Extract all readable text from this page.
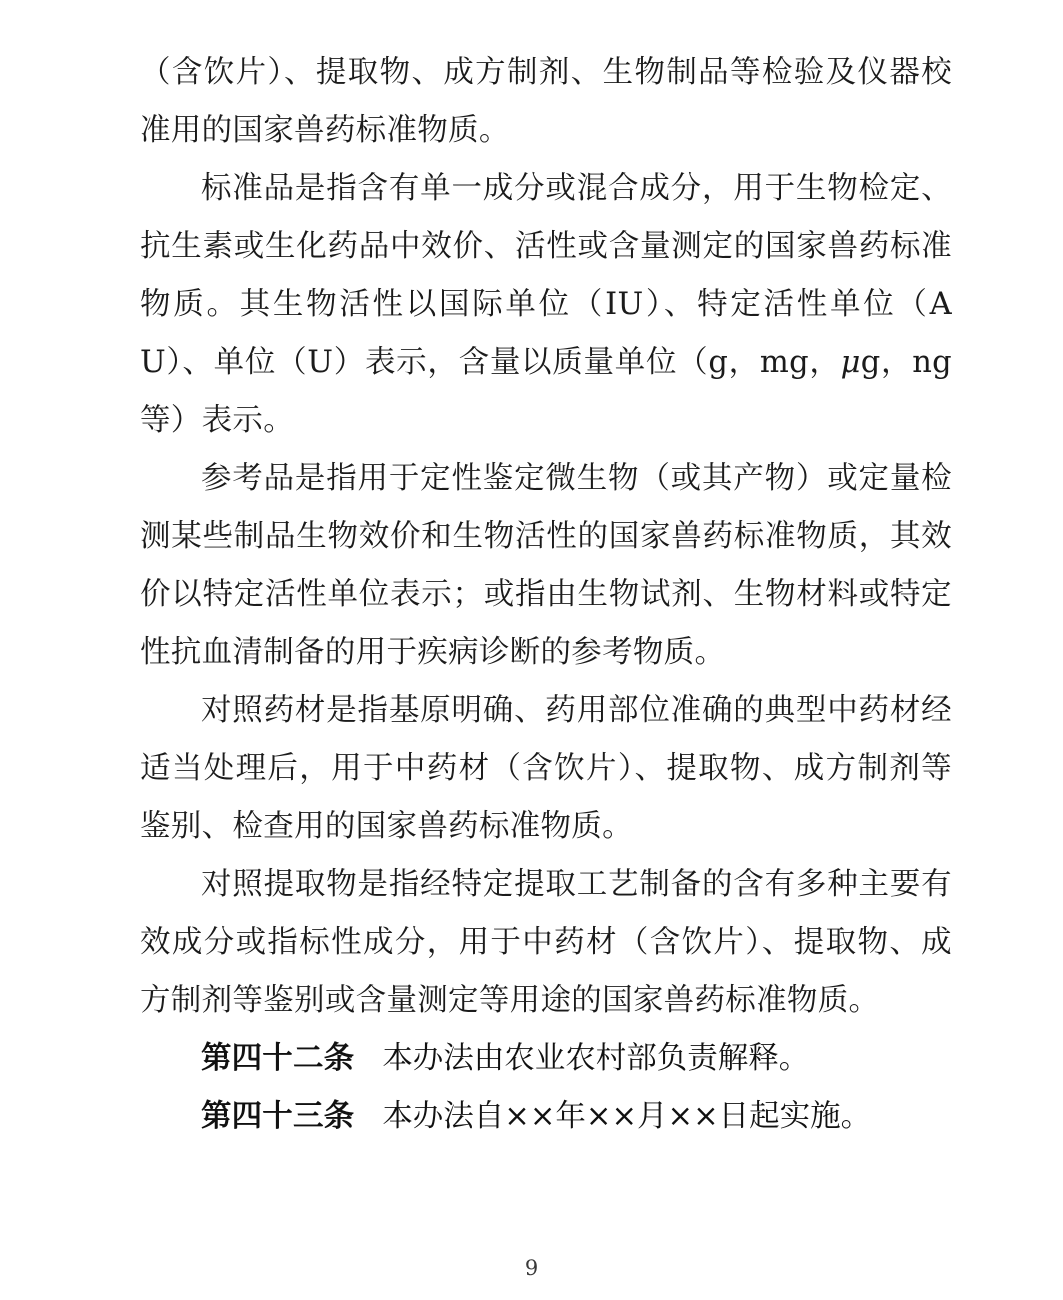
（含饮片）、提取物、成方制剂、生物制品等检验及仪器校准用的国家兽药标准物质。

标准品是指含有单一成分或混合成分，用于生物检定、抗生素或生化药品中效价、活性或含量测定的国家兽药标准物质。其生物活性以国际单位（IU）、特定活性单位（AU）、单位（U）表示，含量以质量单位（g，mg，μg，ng 等）表示。

参考品是指用于定性鉴定微生物（或其产物）或定量检测某些制品生物效价和生物活性的国家兽药标准物质，其效价以特定活性单位表示；或指由生物试剂、生物材料或特定性抗血清制备的用于疾病诊断的参考物质。

对照药材是指基原明确、药用部位准确的典型中药材经适当处理后，用于中药材（含饮片）、提取物、成方制剂等鉴别、检查用的国家兽药标准物质。

对照提取物是指经特定提取工艺制备的含有多种主要有效成分或指标性成分，用于中药材（含饮片）、提取物、成方制剂等鉴别或含量测定等用途的国家兽药标准物质。

第四十二条 本办法由农业农村部负责解释。

第四十三条 本办法自××年××月××日起实施。

9
